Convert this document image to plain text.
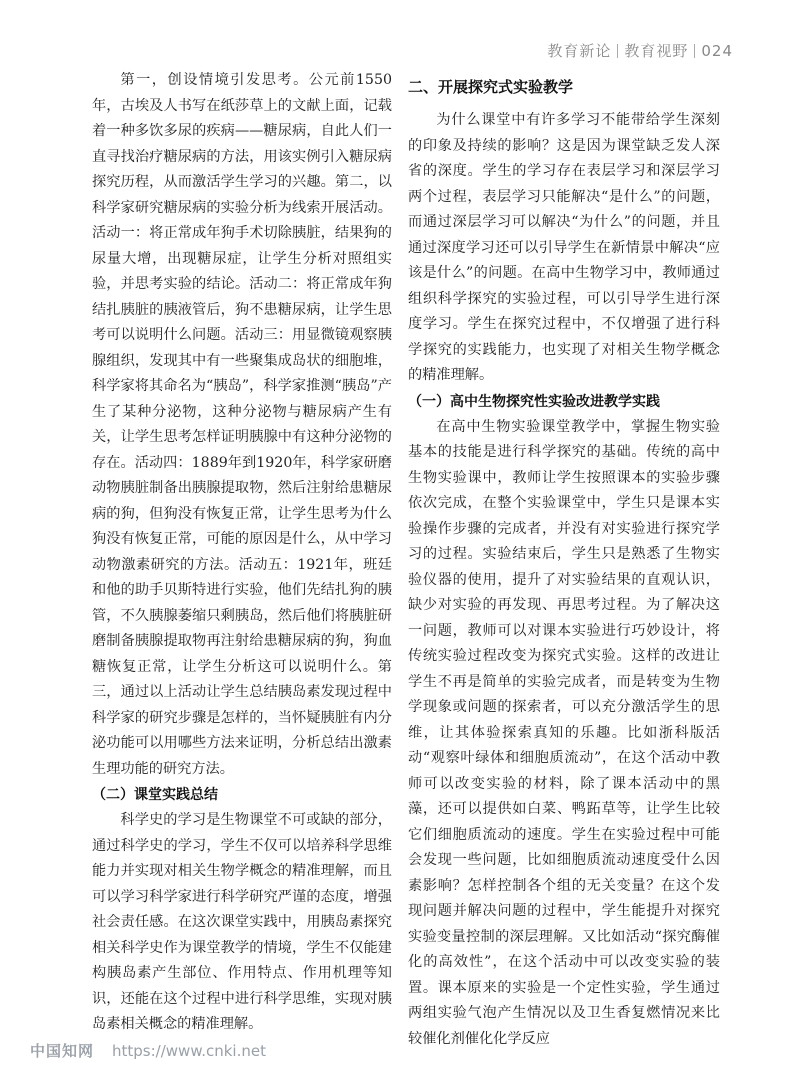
教育新论 教育视野 024

第一，创设情境引发思考。公元前1550年，古埃及人书写在纸莎草上的文献上面，记载着一种多饮多尿的疾病——糖尿病，自此人们一直寻找治疗糖尿病的方法，用该实例引入糖尿病探究历程，从而激活学生学习的兴趣。第二，以科学家研究糖尿病的实验分析为线索开展活动。活动一：将正常成年狗手术切除胰脏，结果狗的尿量大增，出现糖尿症，让学生分析对照组实验，并思考实验的结论。活动二：将正常成年狗结扎胰脏的胰液管后，狗不患糖尿病，让学生思考可以说明什么问题。活动三：用显微镜观察胰腺组织，发现其中有一些聚集成岛状的细胞堆，科学家将其命名为“胰岛”，科学家推测“胰岛”产生了某种分泌物，这种分泌物与糖尿病产生有关，让学生思考怎样证明胰腺中有这种分泌物的存在。活动四：1889年到1920年，科学家研磨动物胰脏制备出胰腺提取物，然后注射给患糖尿病的狗，但狗没有恢复正常，让学生思考为什么狗没有恢复正常，可能的原因是什么，从中学习动物激素研究的方法。活动五：1921年，班廷和他的助手贝斯特进行实验，他们先结扎狗的胰管，不久胰腺萎缩只剩胰岛，然后他们将胰脏研磨制备胰腺提取物再注射给患糖尿病的狗，狗血糖恢复正常，让学生分析这可以说明什么。第三，通过以上活动让学生总结胰岛素发现过程中科学家的研究步骤是怎样的，当怀疑胰脏有内分泌功能可以用哪些方法来证明，分析总结出激素生理功能的研究方法。

（二）课堂实践总结

科学史的学习是生物课堂不可或缺的部分，通过科学史的学习，学生不仅可以培养科学思维能力并实现对相关生物学概念的精准理解，而且可以学习科学家进行科学研究严谨的态度，增强社会责任感。在这次课堂实践中，用胰岛素探究相关科学史作为课堂教学的情境，学生不仅能建构胰岛素产生部位、作用特点、作用机理等知识，还能在这个过程中进行科学思维，实现对胰岛素相关概念的精准理解。

二、开展探究式实验教学

为什么课堂中有许多学习不能带给学生深刻的印象及持续的影响？这是因为课堂缺乏发人深省的深度。学生的学习存在表层学习和深层学习两个过程，表层学习只能解决“是什么”的问题，而通过深层学习可以解决“为什么”的问题，并且通过深度学习还可以引导学生在新情景中解决“应该是什么”的问题。在高中生物学习中，教师通过组织科学探究的实验过程，可以引导学生进行深度学习。学生在探究过程中，不仅增强了进行科学探究的实践能力，也实现了对相关生物学概念的精准理解。

（一）高中生物探究性实验改进教学实践

在高中生物实验课堂教学中，掌握生物实验基本的技能是进行科学探究的基础。传统的高中生物实验课中，教师让学生按照课本的实验步骤依次完成，在整个实验课堂中，学生只是课本实验操作步骤的完成者，并没有对实验进行探究学习的过程。实验结束后，学生只是熟悉了生物实验仪器的使用，提升了对实验结果的直观认识，缺少对实验的再发现、再思考过程。为了解决这一问题，教师可以对课本实验进行巧妙设计，将传统实验过程改变为探究式实验。这样的改进让学生不再是简单的实验完成者，而是转变为生物学现象或问题的探索者，可以充分激活学生的思维，让其体验探索真知的乐趣。比如浙科版活动“观察叶绿体和细胞质流动”，在这个活动中教师可以改变实验的材料，除了课本活动中的黑藻，还可以提供如白菜、鸭跖草等，让学生比较它们细胞质流动的速度。学生在实验过程中可能会发现一些问题，比如细胞质流动速度受什么因素影响？怎样控制各个组的无关变量？在这个发现问题并解决问题的过程中，学生能提升对探究实验变量控制的深层理解。又比如活动“探究酶催化的高效性”，在这个活动中可以改变实验的装置。课本原来的实验是一个定性实验，学生通过两组实验气泡产生情况以及卫生香复燃情况来比较催化剂催化化学反应

中国知网 https://www.cnki.net
